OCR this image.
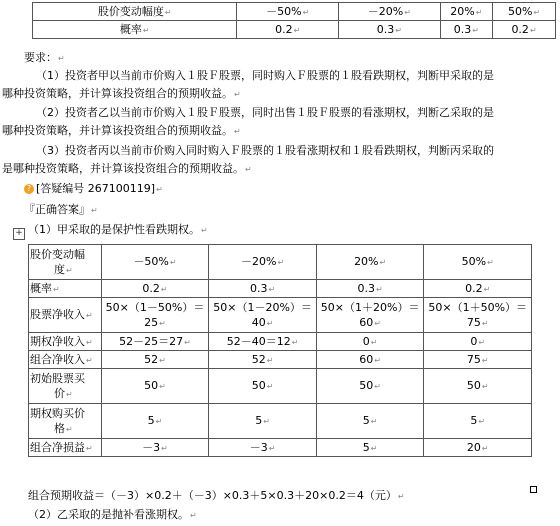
股价变动幅度↵	－50%↵	－20%↵	20%↵	50%↵
概率↵	0.2↵	0.3↵	0.3↵	0.2↵
要求：↵
（1）投资者甲以当前市价购入１股Ｆ股票，同时购入Ｆ股票的１股看跌期权，判断甲采取的是
哪种投资策略，并计算该投资组合的预期收益。↵
（2）投资者乙以当前市价购入１股Ｆ股票，同时出售１股Ｆ股票的看涨期权，判断乙采取的是
哪种投资策略，并计算该投资组合的预期收益。↵
（3）投资者丙以当前市价购入同时购入Ｆ股票的１股看涨期权和１股看跌期权，判断丙采取的
是哪种投资策略，并计算该投资组合的预期收益。↵
? [答疑编号 267100119]↵
『正确答案』↵
+ （1）甲采取的是保护性看跌期权。↵
股价变动幅
度↵	－50%↵	－20%↵	20%↵	50%↵
概率↵	0.2↵	0.3↵	0.3↵	0.2↵
股票净收入↵	50×（1－50%）＝
25↵	50×（1－20%）＝
40↵	50×（1＋20%）＝
60↵	50×（1＋50%）＝
75↵
期权净收入↵	52－25＝27↵	52－40＝12↵	0↵	0↵
组合净收入↵	52↵	52↵	60↵	75↵
初始股票买
价↵	50↵	50↵	50↵	50↵
期权购买价
格↵	5↵	5↵	5↵	5↵
组合净损益↵	－3↵	－3↵	5↵	20↵
组合预期收益＝（－3）×0.2＋（－3）×0.3＋5×0.3＋20×0.2＝4（元）↵
（2）乙采取的是抛补看涨期权。↵
